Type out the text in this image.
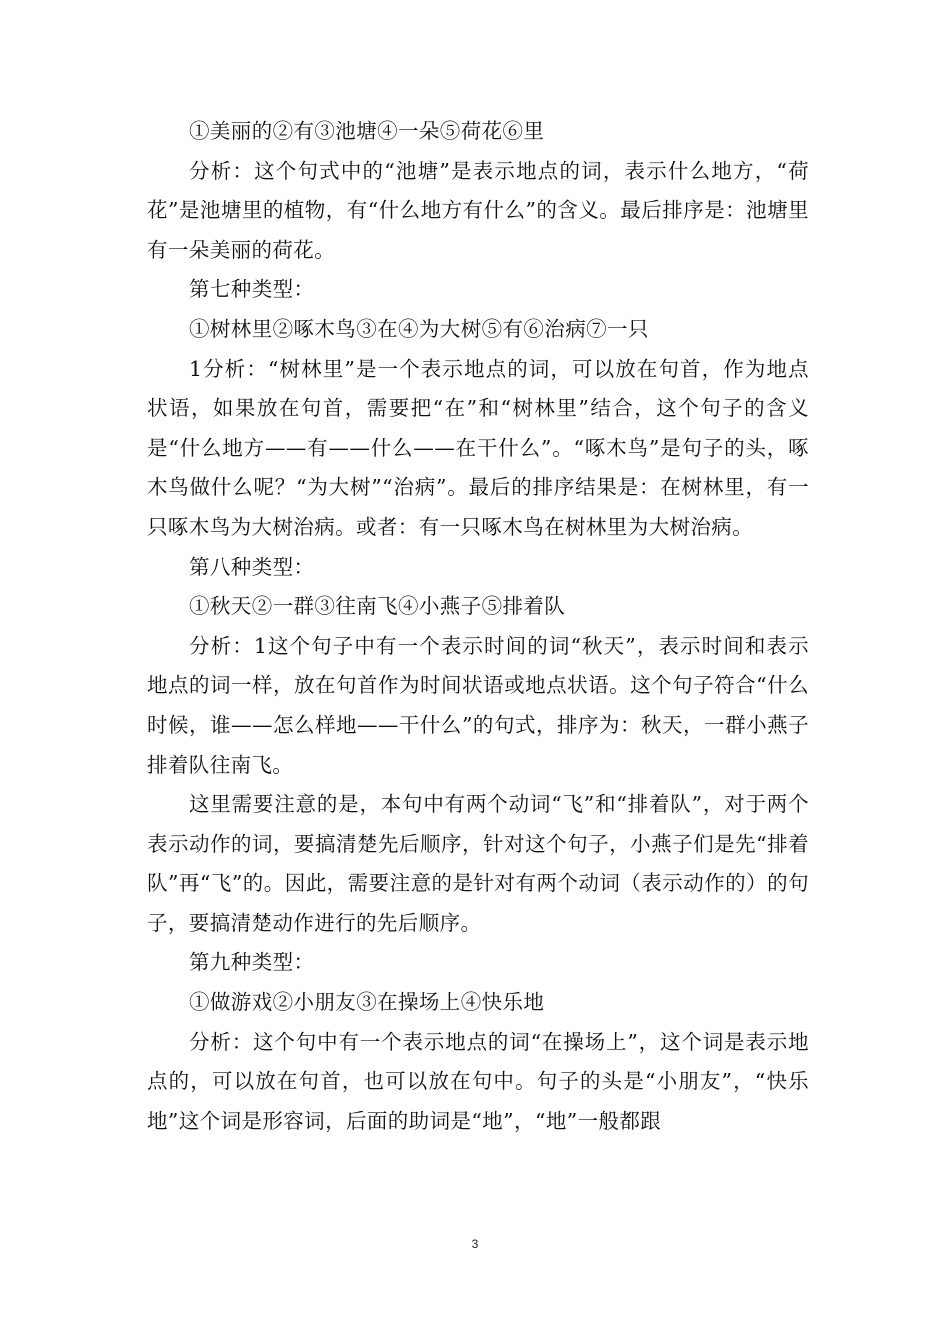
①美丽的②有③池塘④一朵⑤荷花⑥里

分析：这个句式中的“池塘”是表示地点的词，表示什么地方，“荷花”是池塘里的植物，有“什么地方有什么”的含义。最后排序是：池塘里有一朵美丽的荷花。

第七种类型：

①树林里②啄木鸟③在④为大树⑤有⑥治病⑦一只

1分析：“树林里”是一个表示地点的词，可以放在句首，作为地点状语，如果放在句首，需要把“在”和“树林里”结合，这个句子的含义是“什么地方——有——什么——在干什么”。“啄木鸟”是句子的头，啄木鸟做什么呢？“为大树”“治病”。最后的排序结果是：在树林里，有一只啄木鸟为大树治病。或者：有一只啄木鸟在树林里为大树治病。

第八种类型：

①秋天②一群③往南飞④小燕子⑤排着队

分析：1这个句子中有一个表示时间的词“秋天”，表示时间和表示地点的词一样，放在句首作为时间状语或地点状语。这个句子符合“什么时候，谁——怎么样地——干什么”的句式，排序为：秋天，一群小燕子排着队往南飞。

这里需要注意的是，本句中有两个动词“飞”和“排着队”，对于两个表示动作的词，要搞清楚先后顺序，针对这个句子，小燕子们是先“排着队”再“飞”的。因此，需要注意的是针对有两个动词（表示动作的）的句子，要搞清楚动作进行的先后顺序。

第九种类型：

①做游戏②小朋友③在操场上④快乐地

分析：这个句中有一个表示地点的词“在操场上”，这个词是表示地点的，可以放在句首，也可以放在句中。句子的头是“小朋友”，“快乐地”这个词是形容词，后面的助词是“地”，“地”一般都跟

3
